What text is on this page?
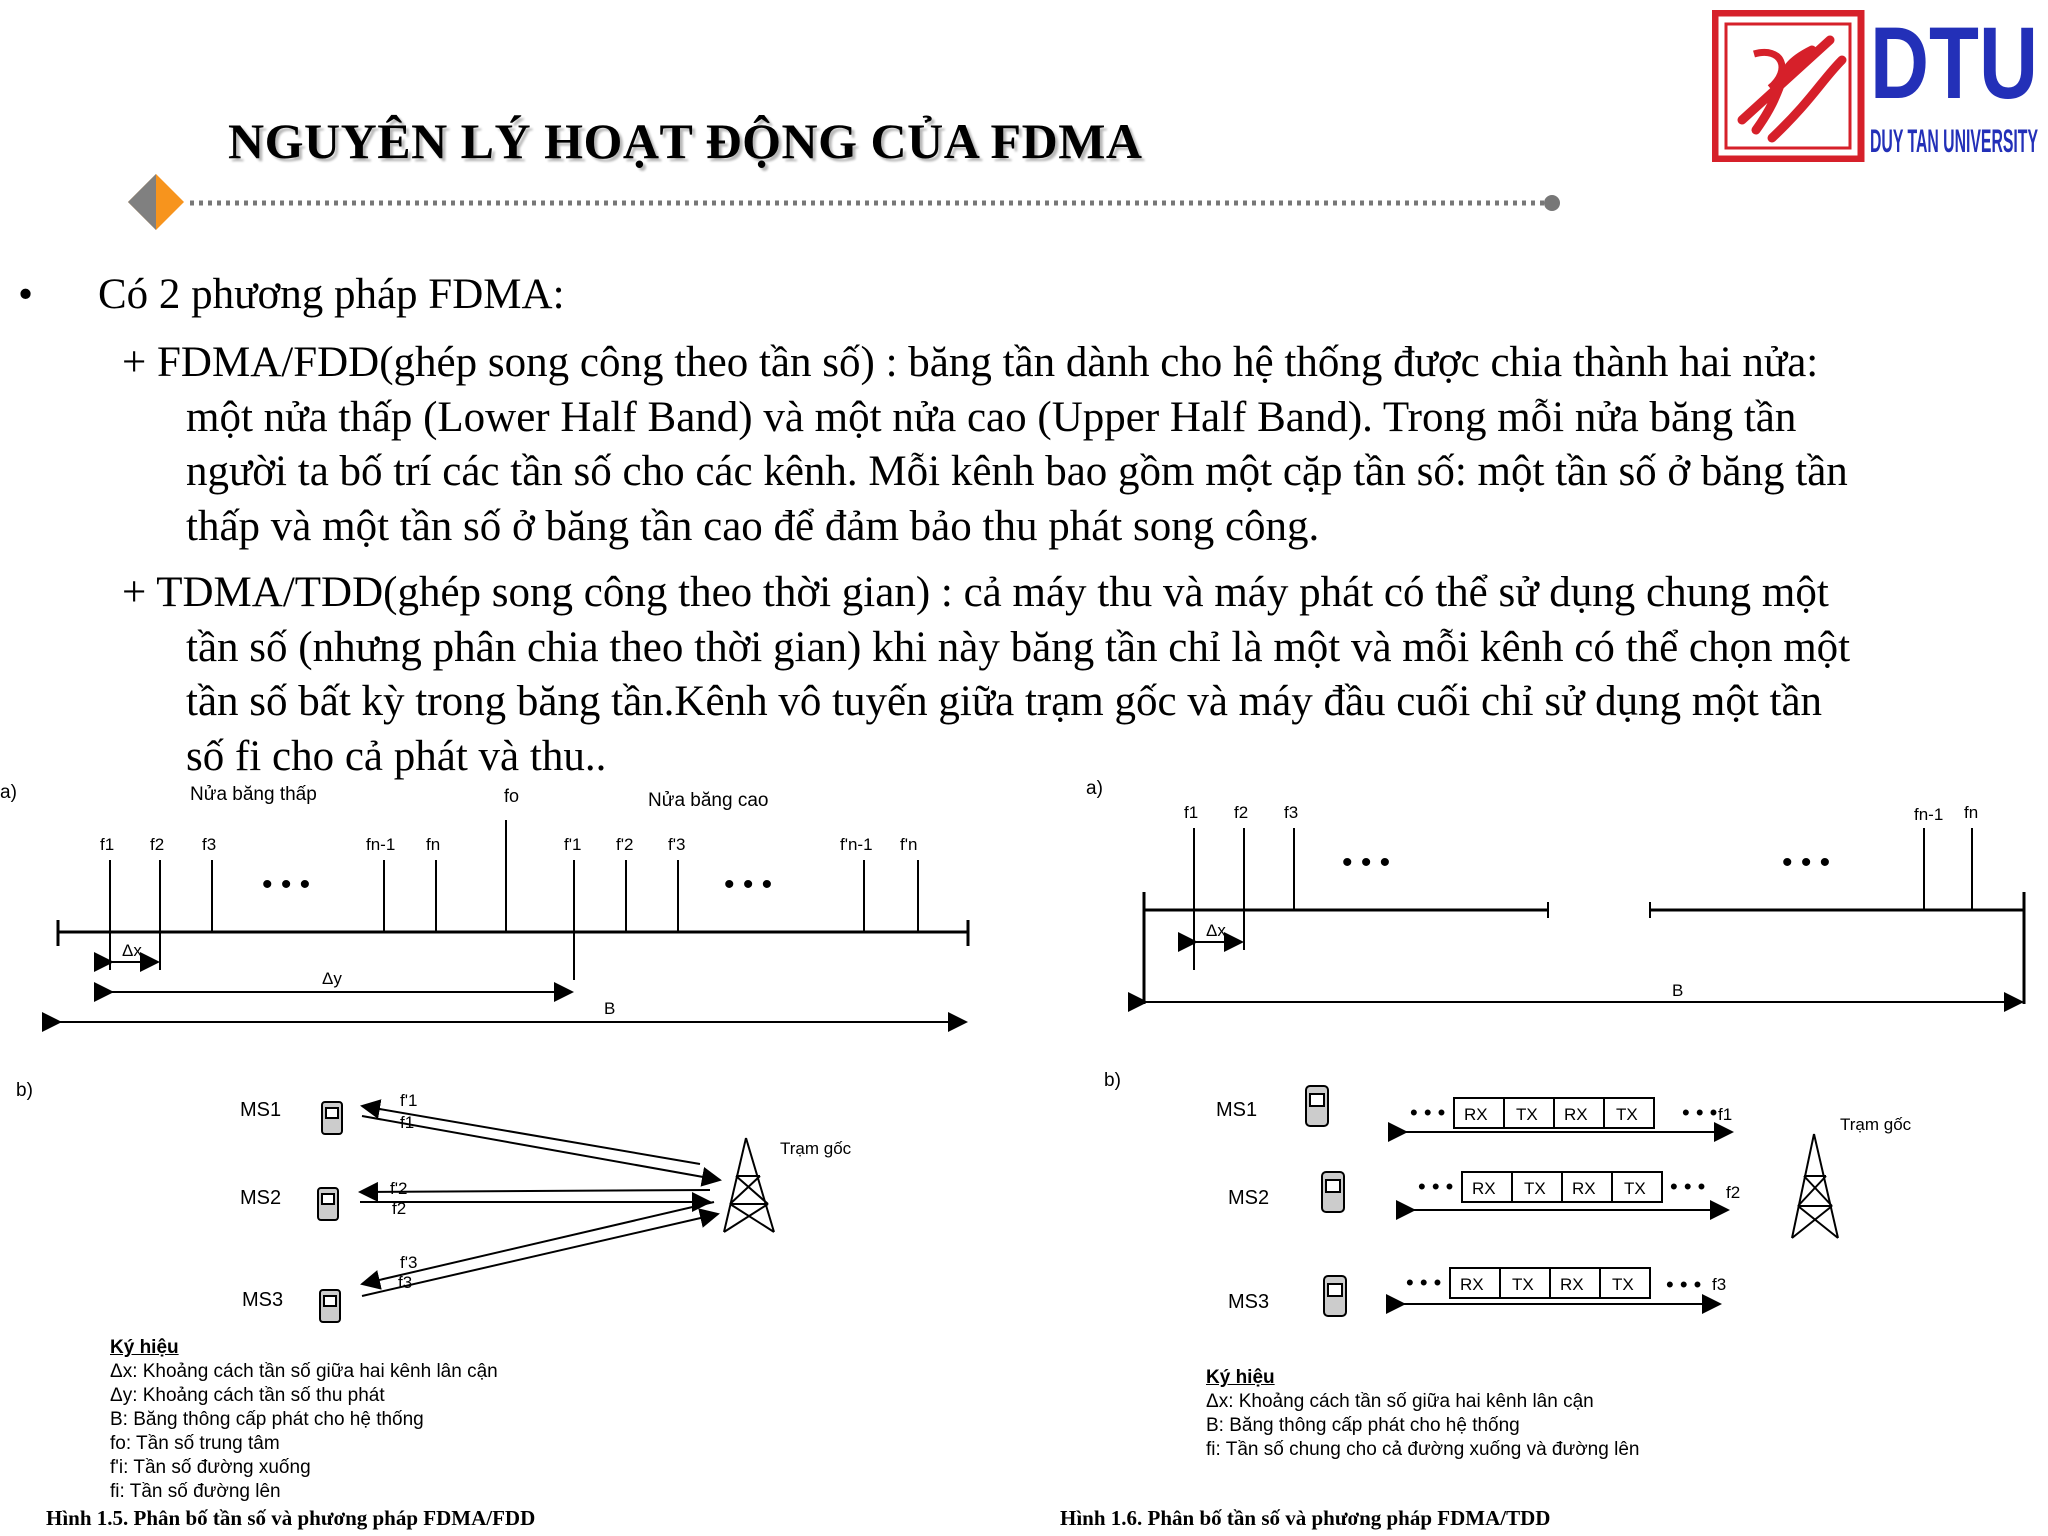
NGUYÊN LÝ HOẠT ĐỘNG CỦA FDMA
DTU
DUY TAN UNIVERSITY
• Có 2 phương pháp FDMA:
+ FDMA/FDD(ghép song công theo tần số) : băng tần dành cho hệ thống được chia thành hai nửa:
một nửa thấp (Lower Half Band) và một nửa cao (Upper Half Band). Trong mỗi nửa băng tần
người ta bố trí các tần số cho các kênh. Mỗi kênh bao gồm một cặp tần số: một tần số ở băng tần
thấp và một tần số ở băng tần cao để đảm bảo thu phát song công.
+ TDMA/TDD(ghép song công theo thời gian) : cả máy thu và máy phát có thể sử dụng chung một
tần số (nhưng phân chia theo thời gian) khi này băng tần chỉ là một và mỗi kênh có thể chọn một
tần số bất kỳ trong băng tần.Kênh vô tuyến giữa trạm gốc và máy đầu cuối chỉ sử dụng một tần
số fi cho cả phát và thu..
a)	Nửa băng thấp	Nửa băng cao
fo
f1 f2 f3	fn-1 fn
• • •
f'1 f'2 f'3	f'n-1 f'n
• • •
Δx
Δy
B
b)
MS1
MS2
MS3
f'1
f1
f'2
f2
f'3
f3
Trạm gốc
Ký hiệu
Δx: Khoảng cách tần số giữa hai kênh lân cận
Δy: Khoảng cách tần số thu phát
B: Băng thông cấp phát cho hệ thống
fo: Tần số trung tâm
f'i: Tần số đường xuống
fi: Tần số đường lên
Hình 1.5. Phân bố tần số và phương pháp FDMA/FDD
a)
f1 f2 f3	fn-1 fn
• • •	• • •
Δx
B
b)
MS1
MS2
MS3
• • • RX TX RX TX • • • f1
• • • RX TX RX TX • • • f2
• • • RX TX RX TX • • • f3
Trạm gốc
Ký hiệu
Δx: Khoảng cách tần số giữa hai kênh lân cận
B: Băng thông cấp phát cho hệ thống
fi: Tần số chung cho cả đường xuống và đường lên
Hình 1.6. Phân bố tần số và phương pháp FDMA/TDD
